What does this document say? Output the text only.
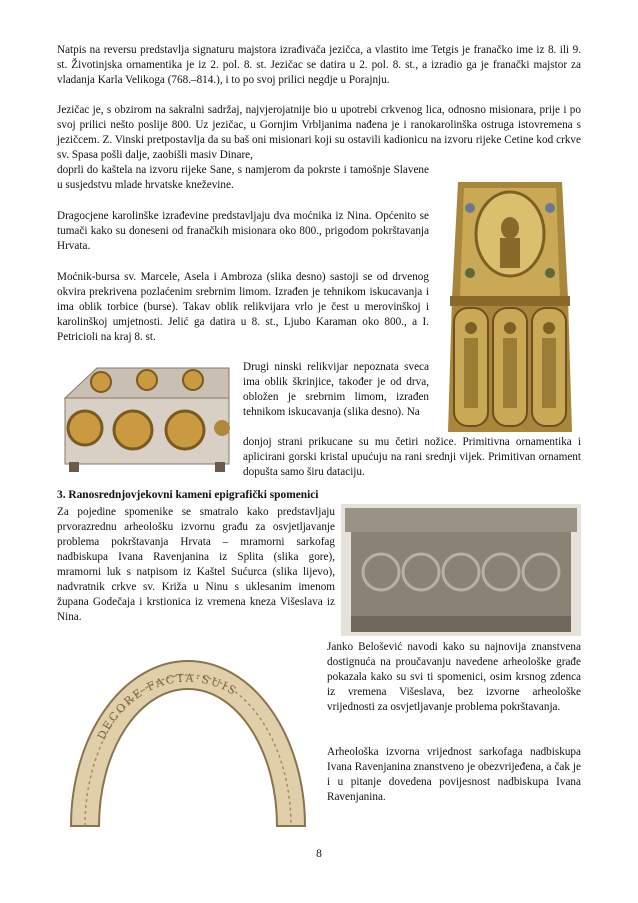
Natpis na reversu predstavlja signaturu majstora izrađivača jezičca, a vlastito ime Tetgis je franačko ime iz 8. ili 9. st. Životinjska ornamentika je iz 2. pol. 8. st. Jezičac se datira u 2. pol. 8. st., a izradio ga je franački majstor za vladanja Karla Velikoga (768.–814.), i to po svoj prilici negdje u Porajnju.

Jezičac je, s obzirom na sakralni sadržaj, najvjerojatnije bio u upotrebi crkvenog lica, odnosno misionara, prije i po svoj prilici nešto poslije 800. Uz jezičac, u Gornjim Vrbljanima nađena je i ranokarolinška ostruga istovremena s jezičcem. Z. Vinski pretpostavlja da su baš oni misionari koji su ostavili kadionicu na izvoru rijeke Cetine kod crkve sv. Spasa pošli dalje, zaobišli masiv Dinare,

doprli do kaštela na izvoru rijeke Sane, s namjerom da pokrste i tamošnje Slavene u susjedstvu mlade hrvatske kneževine.

Dragocjene karolinške izrađevine predstavljaju dva moćnika iz Nina. Općenito se tumači kako su doneseni od franačkih misionara oko 800., prigodom pokrštavanja Hrvata.

Moćnik-bursa sv. Marcele, Asela i Ambroza (slika desno) sastoji se od drvenog okvira prekrivena pozlaćenim srebrnim limom. Izrađen je tehnikom iskucavanja i ima oblik torbice (burse). Takav oblik relikvijara vrlo je čest u merovinškoj i karolinškoj umjetnosti. Jelić ga datira u 8. st., Ljubo Karaman oko 800., a I. Petricioli na kraj 8. st.

Drugi ninski relikvijar nepoznata sveca ima oblik škrinjice, također je od drva, obložen je srebrnim limom, izrađen tehnikom iskucavanja (slika desno). Na

donjoj strani prikucane su mu četiri nožice. Primitivna ornamentika i aplicirani gorski kristal upućuju na rani srednji vijek. Primitivan ornament dopušta samo širu dataciju.

3. Ranosrednjovjekovni kameni epigrafički spomenici

Za pojedine spomenike se smatralo kako predstavljaju prvorazrednu arheološku izvornu građu za osvjetljavanje problema pokrštavanja Hrvata – mramorni sarkofag nadbiskupa Ivana Ravenjanina iz Splita (slika gore), mramorni luk s natpisom iz Kaštel Sućurca (slika lijevo), nadvratnik crkve sv. Križa u Ninu s uklesanim imenom župana Godečaja i krstionica iz vremena kneza Višeslava iz Nina.

Janko Belošević navodi kako su najnovija znanstvena dostignuća na proučavanju navedene arheološke građe pokazala kako su svi ti spomenici, osim krsnog zdenca iz vremena Višeslava, bez izvorne arheološke vrijednosti za osvjetljavanje problema pokrštavanja.

Arheološka izvorna vrijednost sarkofaga nadbiskupa Ivana Ravenjanina znanstveno je obezvrijeđena, a čak je i u pitanje dovedena povijesnost nadbiskupa Ivana Ravenjanina.

DECORE·FACTA·SUIS
8
